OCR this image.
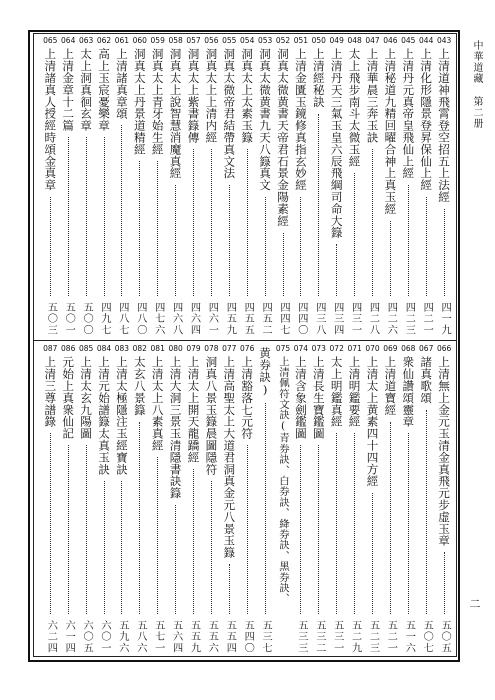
中華道藏 第二册
二
043
上清道神飛霄登空招五上法經
四一九
044
上清化形隱景登昇保仙上經
四二一
045
上清丹元真帝皇飛仙上經
四二三
046
上清秘道九精回曜合神上真玉經
四二六
047
上清華晨三奔玉訣
四二八
048
太上飛步南斗太微玉經
四三一
049
上清丹天三氣玉皇六辰飛綱司命大籙
四三四
050
上清經秘訣
四三八
051
上清金匱玉鏡修真指玄妙經
四四〇
052
洞真太微黄書天帝君石景金陽素經
四四七
053
洞真太微黄書九天八籙真文
四五二
054
洞真太上太素玉籙
四五五
055
洞真太微帝君結帶真文法
四五九
056
洞真太上上清内經
四六一
057
洞真太上紫書籙傳
四六四
058
洞真太上說智慧消魔真經
四六八
059
洞真太上青牙始生經
四七六
060
洞真太上丹景道精經
四八〇
061
上清諸真章頌
四八七
062
高上玉宸憂樂章
四九七
063
太上洞真徊玄章
五〇〇
064
上清金章十二篇
五〇一
065
上清諸真人授經時頌金真章
五〇三
066
上清無上金元玉清金真飛元步虚玉章
五〇五
067
諸真歌頌
五〇七
068
衆仙讚頌靈章
五一六
069
上清道寶經
五二一
070
上清太上黄素四十四方經
五二三
071
上清明鑑要經
五二九
072
太上明鑑真經
五三一
073
上清長生寶鑑圖
五三二
074
上清含象劍鑑圖
五三三
075
上清佩符文訣(青券訣、白券訣、絳券訣、黑券訣、
黄券訣)
五三七
076
上清豁落七元符
五四〇
077
上清高聖太上大道君洞真金元八景玉籙
五五四
078
洞真八景玉籙晨圖隱符
五五六
079
上清太上開天龍蹻經
五五九
080
上清大洞三景玉清隱書訣籙
五六四
081
上清太上八素真經
五七一
082
太玄八景籙
五八六
083
上清太極隱注玉經寶訣
五九六
084
上清元始譜籙太真玉訣
六〇一
085
上清太玄九陽圖
六〇五
086
元始上真衆仙記
六一四
087
上清三尊譜錄
六二四
